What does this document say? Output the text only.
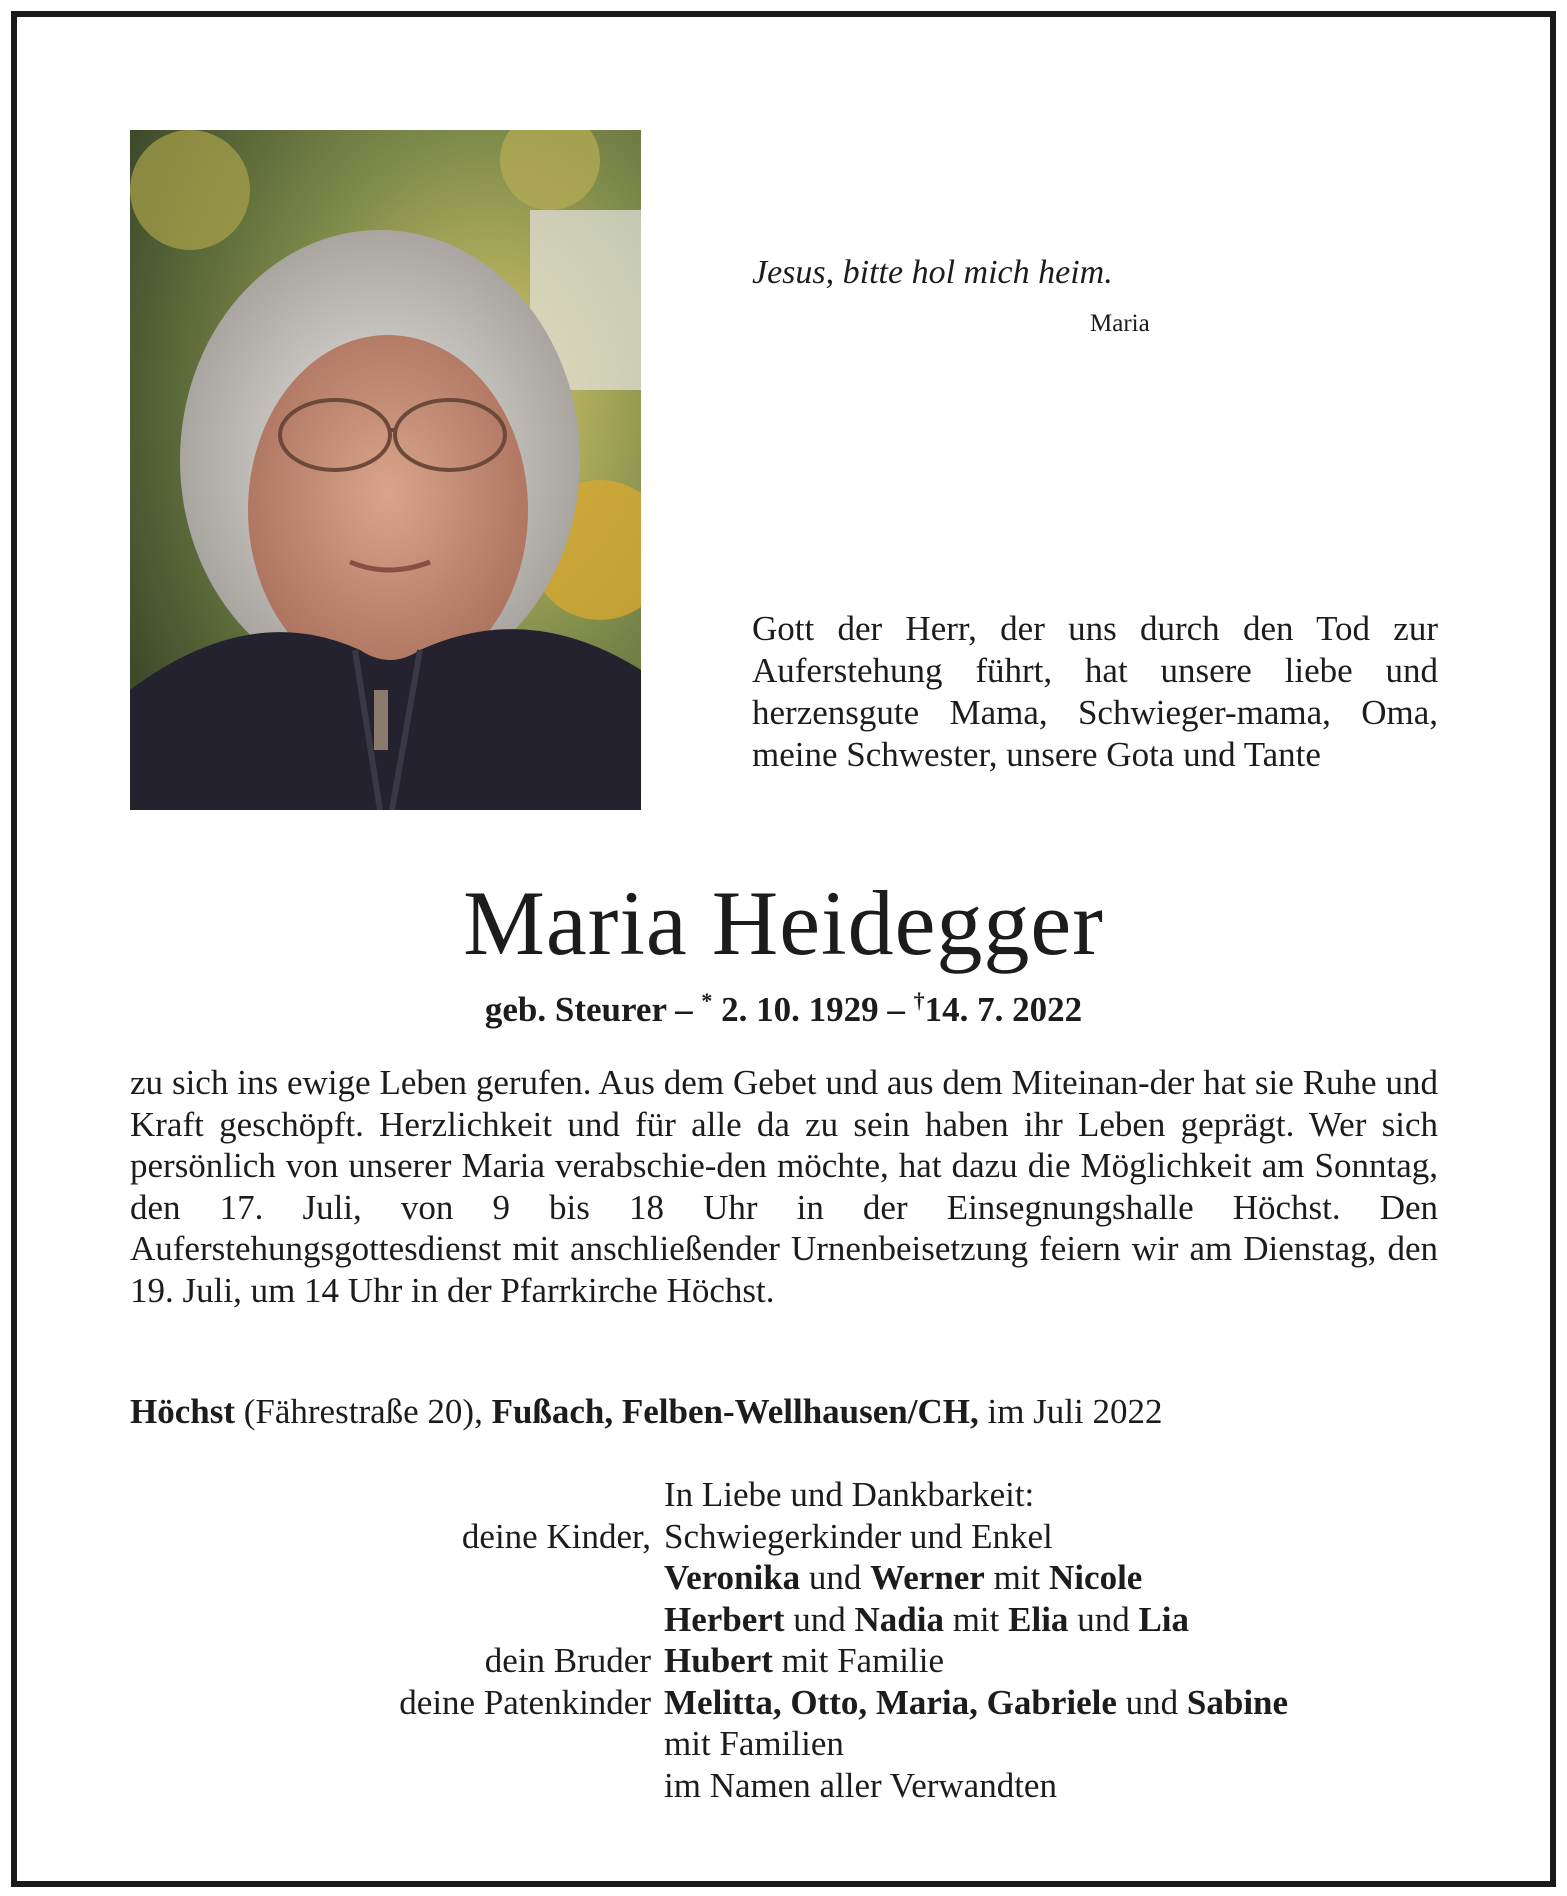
Jesus, bitte hol mich heim.
Maria
Gott der Herr, der uns durch den Tod zur Auferstehung führt, hat unsere liebe und herzensgute Mama, Schwieger-mama, Oma, meine Schwester, unsere Gota und Tante
Maria Heidegger
geb. Steurer – * 2. 10. 1929 – †14. 7. 2022
zu sich ins ewige Leben gerufen. Aus dem Gebet und aus dem Miteinan-der hat sie Ruhe und Kraft geschöpft. Herzlichkeit und für alle da zu sein haben ihr Leben geprägt. Wer sich persönlich von unserer Maria verabschie-den möchte, hat dazu die Möglichkeit am Sonntag, den 17. Juli, von 9 bis 18 Uhr in der Einsegnungshalle Höchst. Den Auferstehungsgottesdienst mit anschließender Urnenbeisetzung feiern wir am Dienstag, den 19. Juli, um 14 Uhr in der Pfarrkirche Höchst.
Höchst (Fährestraße 20), Fußach, Felben-Wellhausen/CH, im Juli 2022
In Liebe und Dankbarkeit:
deine Kinder, Schwiegerkinder und Enkel
Veronika und Werner mit Nicole
Herbert und Nadia mit Elia und Lia
dein Bruder Hubert mit Familie
deine Patenkinder Melitta, Otto, Maria, Gabriele und Sabine
mit Familien
im Namen aller Verwandten
